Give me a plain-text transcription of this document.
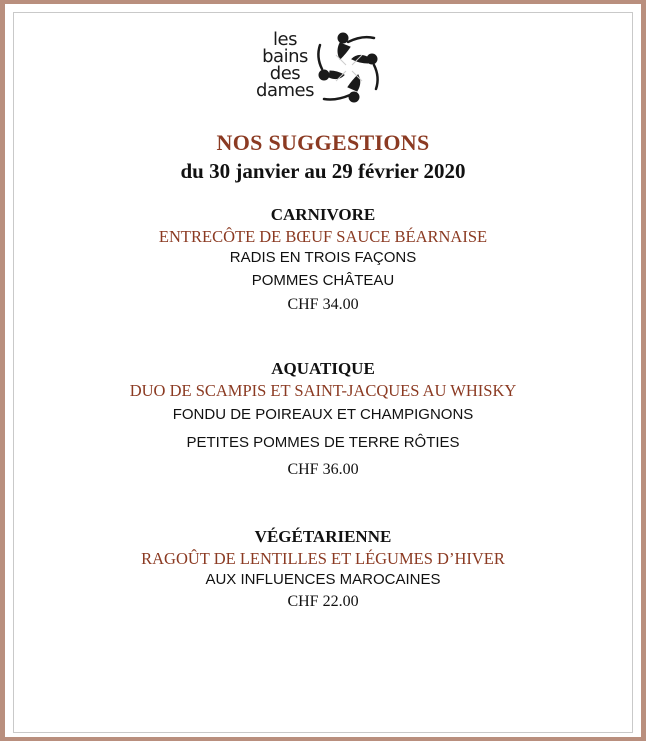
les
bains
des
dames
NOS SUGGESTIONS
du 30 janvier au 29 février 2020
CARNIVORE
ENTRECÔTE DE BŒUF SAUCE BÉARNAISE
RADIS EN TROIS FAÇONS
POMMES CHÂTEAU
CHF 34.00
AQUATIQUE
DUO DE SCAMPIS ET SAINT-JACQUES AU WHISKY
FONDU DE POIREAUX ET CHAMPIGNONS
PETITES POMMES DE TERRE RÔTIES
CHF 36.00
VÉGÉTARIENNE
RAGOÛT DE LENTILLES ET LÉGUMES D’HIVER
AUX INFLUENCES MAROCAINES
CHF 22.00
